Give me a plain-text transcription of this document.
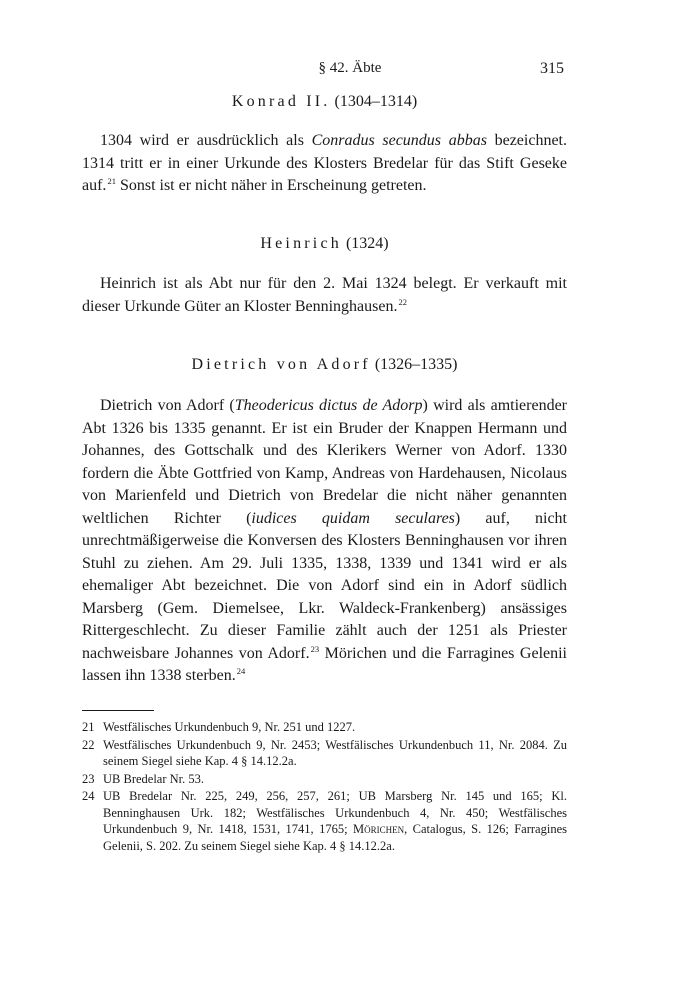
§ 42. Äbte	315
Konrad II. (1304–1314)

1304 wird er ausdrücklich als Conradus secundus abbas bezeichnet. 1314 tritt er in einer Urkunde des Klosters Bredelar für das Stift Geseke auf.$^{21}$ Sonst ist er nicht näher in Erscheinung getreten.

Heinrich (1324)

Heinrich ist als Abt nur für den 2. Mai 1324 belegt. Er verkauft mit dieser Urkunde Güter an Kloster Benninghausen.$^{22}$

Dietrich von Adorf (1326–1335)

Dietrich von Adorf (Theodericus dictus de Adorp) wird als amtierender Abt 1326 bis 1335 genannt. Er ist ein Bruder der Knappen Hermann und Johannes, des Gottschalk und des Klerikers Werner von Adorf. 1330 fordern die Äbte Gottfried von Kamp, Andreas von Hardehausen, Nicolaus von Marienfeld und Dietrich von Bredelar die nicht näher genannten weltlichen Richter (iudices quidam seculares) auf, nicht unrechtmäßigerweise die Konversen des Klosters Benninghausen vor ihren Stuhl zu ziehen. Am 29. Juli 1335, 1338, 1339 und 1341 wird er als ehemaliger Abt bezeichnet. Die von Adorf sind ein in Adorf südlich Marsberg (Gem. Diemelsee, Lkr. Waldeck-Frankenberg) ansässiges Rittergeschlecht. Zu dieser Familie zählt auch der 1251 als Priester nachweisbare Johannes von Adorf.$^{23}$ Mörichen und die Farragines Gelenii lassen ihn 1338 sterben.$^{24}$

21 Westfälisches Urkundenbuch 9, Nr. 251 und 1227.
22 Westfälisches Urkundenbuch 9, Nr. 2453; Westfälisches Urkundenbuch 11, Nr. 2084. Zu seinem Siegel siehe Kap. 4 § 14.12.2a.
23 UB Bredelar Nr. 53.
24 UB Bredelar Nr. 225, 249, 256, 257, 261; UB Marsberg Nr. 145 und 165; Kl. Benninghausen Urk. 182; Westfälisches Urkundenbuch 4, Nr. 450; Westfälisches Urkundenbuch 9, Nr. 1418, 1531, 1741, 1765; Mörichen, Catalogus, S. 126; Farragines Gelenii, S. 202. Zu seinem Siegel siehe Kap. 4 § 14.12.2a.
